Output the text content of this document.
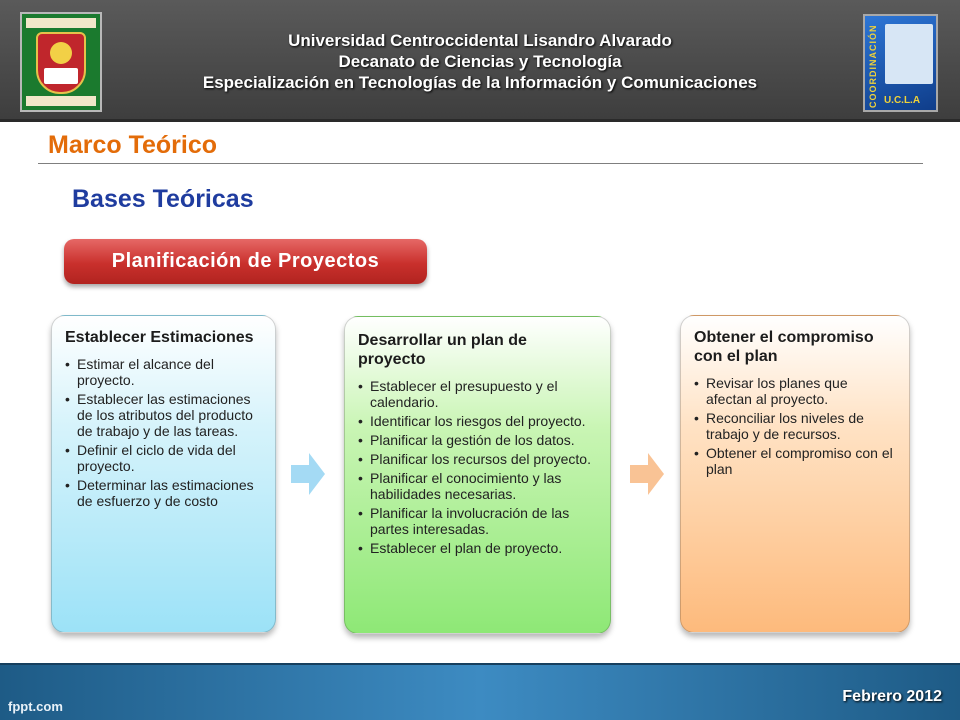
Universidad Centroccidental Lisandro Alvarado
Decanato de Ciencias y Tecnología
Especialización en Tecnologías de la Información y Comunicaciones	COORDINACIÓN U.C.L.A
Marco Teórico
Bases Teóricas
Planificación de Proyectos
Establecer Estimaciones
• Estimar el alcance del proyecto.
• Establecer las estimaciones de los atributos del producto de trabajo y de las tareas.
• Definir el ciclo de vida del proyecto.
• Determinar las estimaciones de esfuerzo y de costo
Desarrollar un plan de proyecto
• Establecer el presupuesto y el calendario.
• Identificar los riesgos del proyecto.
• Planificar la gestión de los datos.
• Planificar los recursos del proyecto.
• Planificar el conocimiento y las habilidades necesarias.
• Planificar la involucración de las partes interesadas.
• Establecer el plan de proyecto.
Obtener el compromiso con el plan
• Revisar los planes que afectan al proyecto.
• Reconciliar los niveles de trabajo y de recursos.
• Obtener el compromiso con el plan
fppt.com
Febrero 2012
